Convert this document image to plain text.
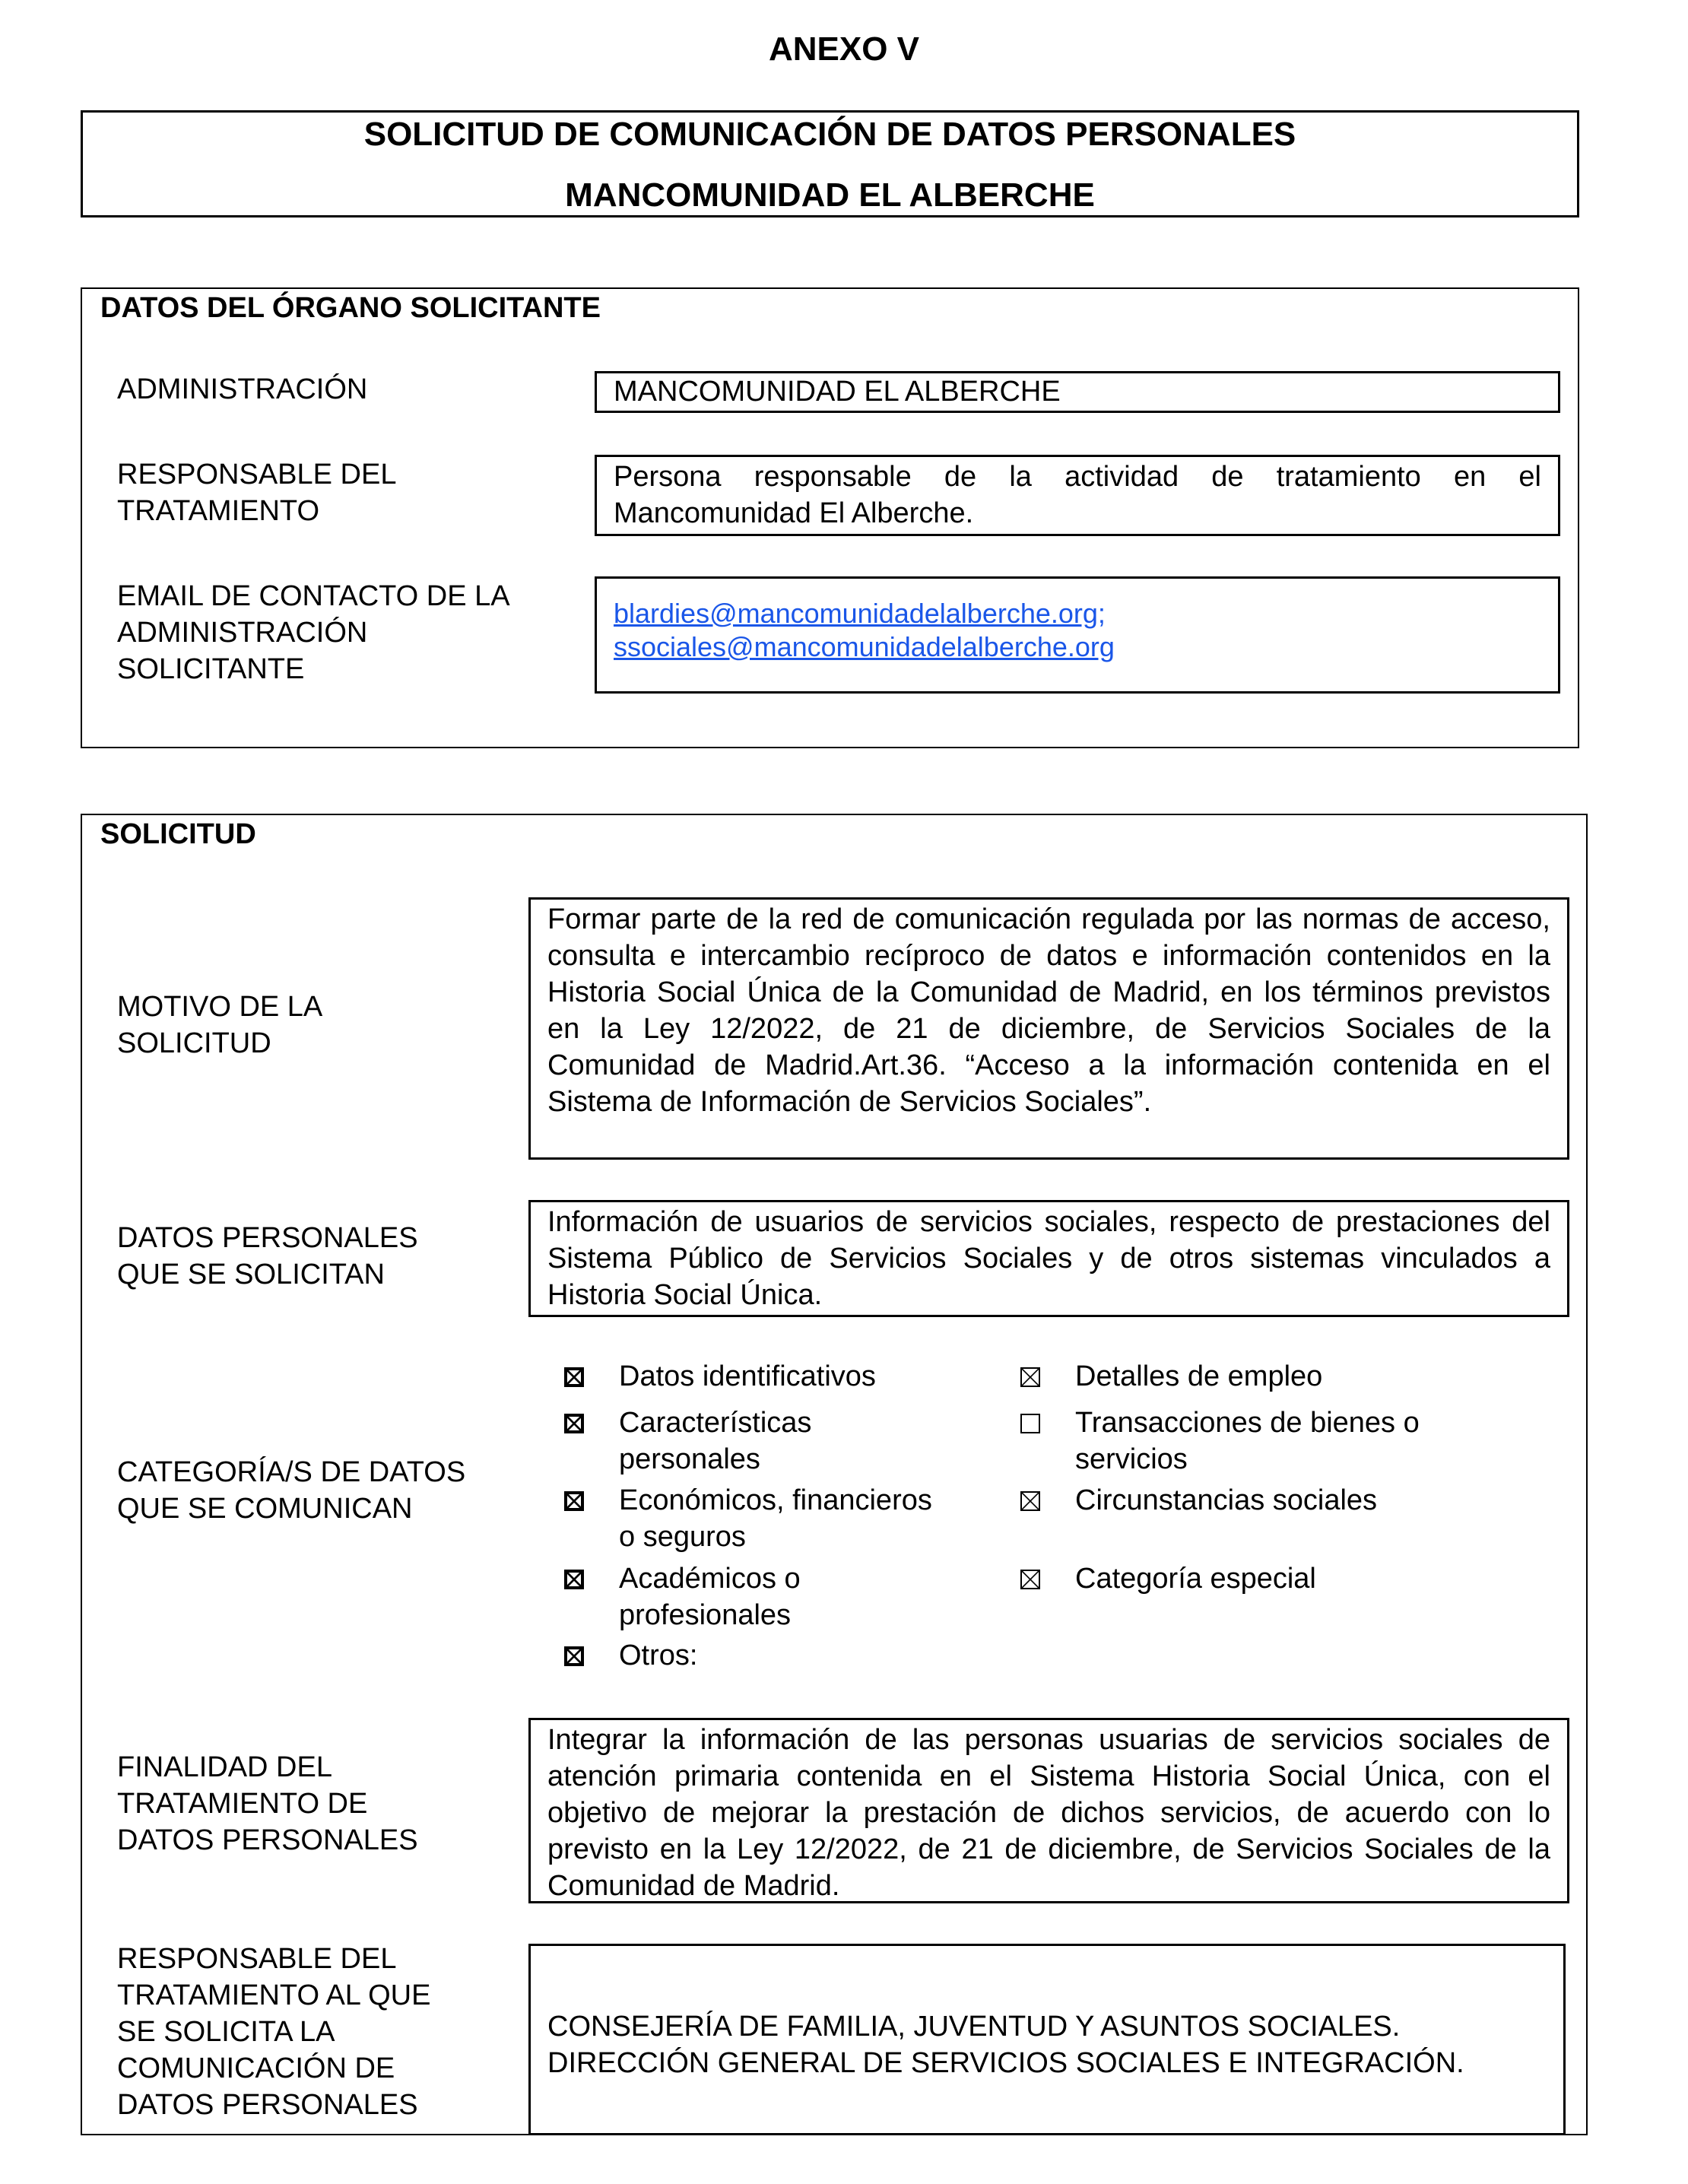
ANEXO V
SOLICITUD DE COMUNICACIÓN DE DATOS PERSONALES
MANCOMUNIDAD EL ALBERCHE
DATOS DEL ÓRGANO SOLICITANTE
ADMINISTRACIÓN
RESPONSABLE DEL
TRATAMIENTO
EMAIL DE CONTACTO DE LA
ADMINISTRACIÓN
SOLICITANTE
MANCOMUNIDAD EL ALBERCHE
Persona responsable de la actividad de tratamiento en el Mancomunidad El Alberche.
blardies@mancomunidadelalberche.org;
ssociales@mancomunidadelalberche.org
SOLICITUD
MOTIVO DE LA
SOLICITUD
DATOS PERSONALES
QUE SE SOLICITAN
CATEGORÍA/S DE DATOS
QUE SE COMUNICAN
FINALIDAD DEL
TRATAMIENTO DE
DATOS PERSONALES
RESPONSABLE DEL
TRATAMIENTO AL QUE
SE SOLICITA LA
COMUNICACIÓN DE
DATOS PERSONALES
Formar parte de la red de comunicación regulada por las normas de acceso, consulta e intercambio recíproco de datos e información contenidos en la Historia Social Única de la Comunidad de Madrid, en los términos previstos en la Ley 12/2022, de 21 de diciembre, de Servicios Sociales de la Comunidad de Madrid.Art.36. “Acceso a la información contenida en el Sistema de Información de Servicios Sociales”.
Información de usuarios de servicios sociales, respecto de prestaciones del Sistema Público de Servicios Sociales y de otros sistemas vinculados a Historia Social Única.
Datos identificativos
Características
personales
Económicos, financieros
o seguros
Académicos o
profesionales
Otros:
Detalles de empleo
Transacciones de bienes o
servicios
Circunstancias sociales
Categoría especial
Integrar la información de las personas usuarias de servicios sociales de atención primaria contenida en el Sistema Historia Social Única, con el objetivo de mejorar la prestación de dichos servicios, de acuerdo con lo previsto en la Ley 12/2022, de 21 de diciembre, de Servicios Sociales de la Comunidad de Madrid.
CONSEJERÍA DE FAMILIA, JUVENTUD Y ASUNTOS SOCIALES.
DIRECCIÓN GENERAL DE SERVICIOS SOCIALES E INTEGRACIÓN.
